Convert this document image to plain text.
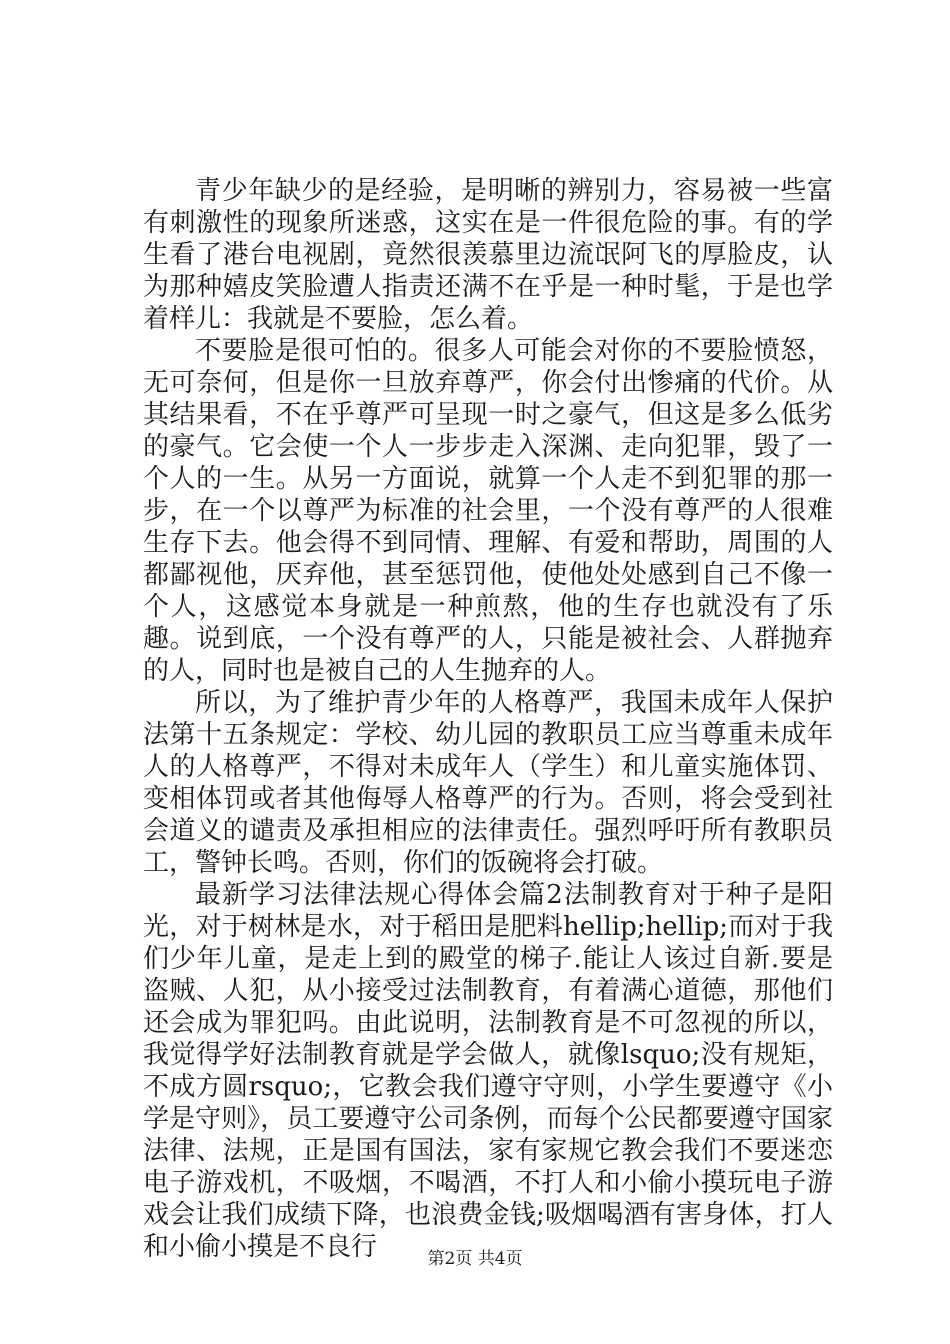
青少年缺少的是经验，是明晰的辨别力，容易被一些富有刺激性的现象所迷惑，这实在是一件很危险的事。有的学生看了港台电视剧，竟然很羡慕里边流氓阿飞的厚脸皮，认为那种嬉皮笑脸遭人指责还满不在乎是一种时髦，于是也学着样儿：我就是不要脸，怎么着。

不要脸是很可怕的。很多人可能会对你的不要脸愤怒，无可奈何，但是你一旦放弃尊严，你会付出惨痛的代价。从其结果看，不在乎尊严可呈现一时之豪气，但这是多么低劣的豪气。它会使一个人一步步走入深渊、走向犯罪，毁了一个人的一生。从另一方面说，就算一个人走不到犯罪的那一步，在一个以尊严为标准的社会里，一个没有尊严的人很难生存下去。他会得不到同情、理解、有爱和帮助，周围的人都鄙视他，厌弃他，甚至惩罚他，使他处处感到自己不像一个人，这感觉本身就是一种煎熬，他的生存也就没有了乐趣。说到底，一个没有尊严的人，只能是被社会、人群抛弃的人，同时也是被自己的人生抛弃的人。

所以，为了维护青少年的人格尊严，我国未成年人保护法第十五条规定：学校、幼儿园的教职员工应当尊重未成年人的人格尊严，不得对未成年人（学生）和儿童实施体罚、变相体罚或者其他侮辱人格尊严的行为。否则，将会受到社会道义的谴责及承担相应的法律责任。强烈呼吁所有教职员工，警钟长鸣。否则，你们的饭碗将会打破。

最新学习法律法规心得体会篇2法制教育对于种子是阳光，对于树林是水，对于稻田是肥料hellip;hellip;而对于我们少年儿童，是走上到的殿堂的梯子.能让人该过自新.要是盗贼、人犯，从小接受过法制教育，有着满心道德，那他们还会成为罪犯吗。由此说明，法制教育是不可忽视的所以，我觉得学好法制教育就是学会做人，就像lsquo;没有规矩，不成方圆rsquo;，它教会我们遵守守则，小学生要遵守《小学是守则》，员工要遵守公司条例，而每个公民都要遵守国家法律、法规，正是国有国法，家有家规它教会我们不要迷恋电子游戏机，不吸烟，不喝酒，不打人和小偷小摸玩电子游戏会让我们成绩下降，也浪费金钱;吸烟喝酒有害身体，打人和小偷小摸是不良行	第2页 共4页
